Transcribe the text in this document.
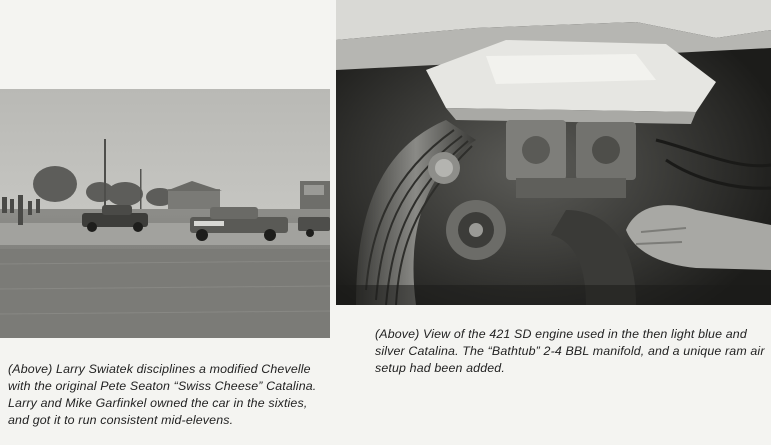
(Above) Larry Swiatek disciplines a modified Chevelle with the original Pete Seaton “Swiss Cheese” Catalina. Larry and Mike Garfinkel owned the car in the sixties, and got it to run consistent mid-elevens.
(Above) View of the 421 SD engine used in the then light blue and silver Catalina. The “Bathtub” 2-4 BBL manifold, and a unique ram air setup had been added.
